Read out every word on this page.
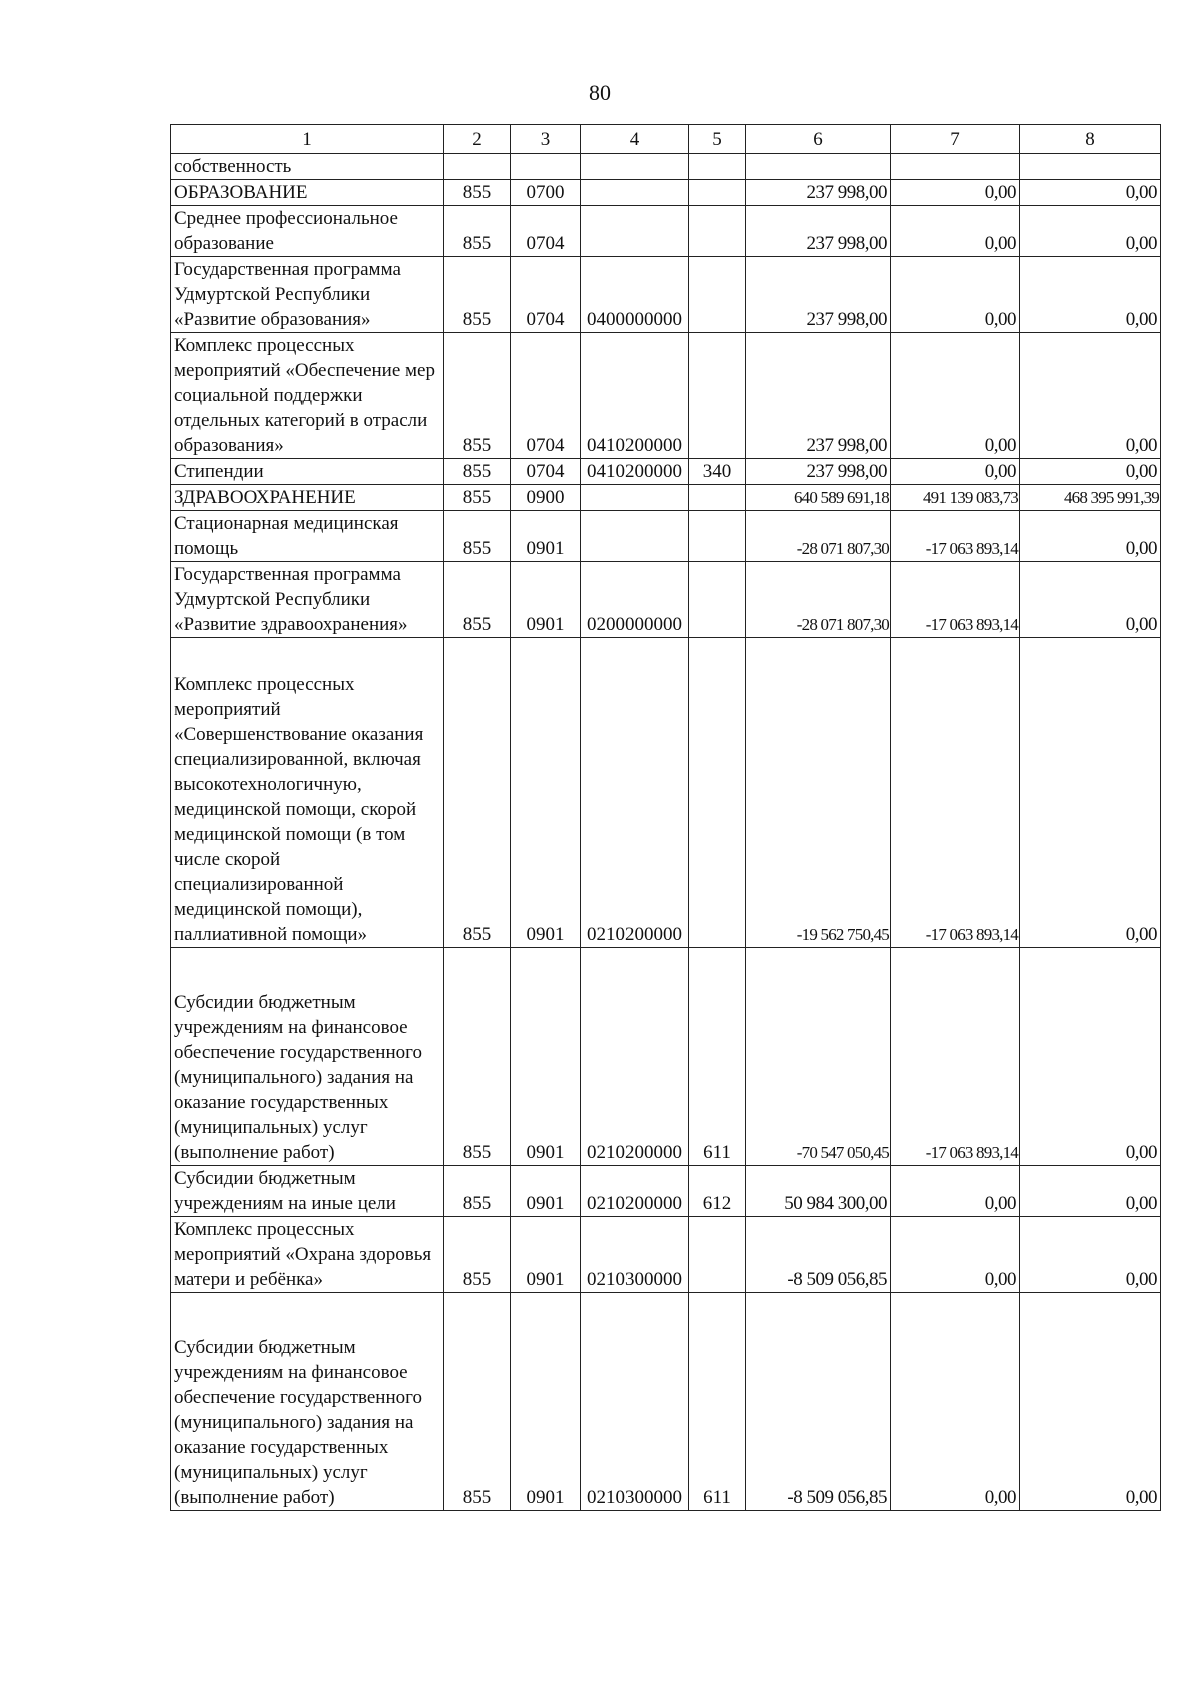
80
1	2	3	4	5	6	7	8
собственность							
ОБРАЗОВАНИЕ	855	0700			237 998,00	0,00	0,00
Среднее профессиональное образование	855	0704			237 998,00	0,00	0,00
Государственная программа Удмуртской Республики «Развитие образования»	855	0704	0400000000		237 998,00	0,00	0,00
Комплекс процессных мероприятий «Обеспечение мер социальной поддержки отдельных категорий в отрасли образования»	855	0704	0410200000		237 998,00	0,00	0,00
Стипендии	855	0704	0410200000	340	237 998,00	0,00	0,00
ЗДРАВООХРАНЕНИЕ	855	0900			640 589 691,18	491 139 083,73	468 395 991,39
Стационарная медицинская помощь	855	0901			-28 071 807,30	-17 063 893,14	0,00
Государственная программа Удмуртской Республики «Развитие здравоохранения»	855	0901	0200000000		-28 071 807,30	-17 063 893,14	0,00
Комплекс процессных мероприятий «Совершенствование оказания специализированной, включая высокотехнологичную, медицинской помощи, скорой медицинской помощи (в том числе скорой специализированной медицинской помощи), паллиативной помощи»	855	0901	0210200000		-19 562 750,45	-17 063 893,14	0,00
Субсидии бюджетным учреждениям на финансовое обеспечение государственного (муниципального) задания на оказание государственных (муниципальных) услуг (выполнение работ)	855	0901	0210200000	611	-70 547 050,45	-17 063 893,14	0,00
Субсидии бюджетным учреждениям на иные цели	855	0901	0210200000	612	50 984 300,00	0,00	0,00
Комплекс процессных мероприятий «Охрана здоровья матери и ребёнка»	855	0901	0210300000		-8 509 056,85	0,00	0,00
Субсидии бюджетным учреждениям на финансовое обеспечение государственного (муниципального) задания на оказание государственных (муниципальных) услуг (выполнение работ)	855	0901	0210300000	611	-8 509 056,85	0,00	0,00
